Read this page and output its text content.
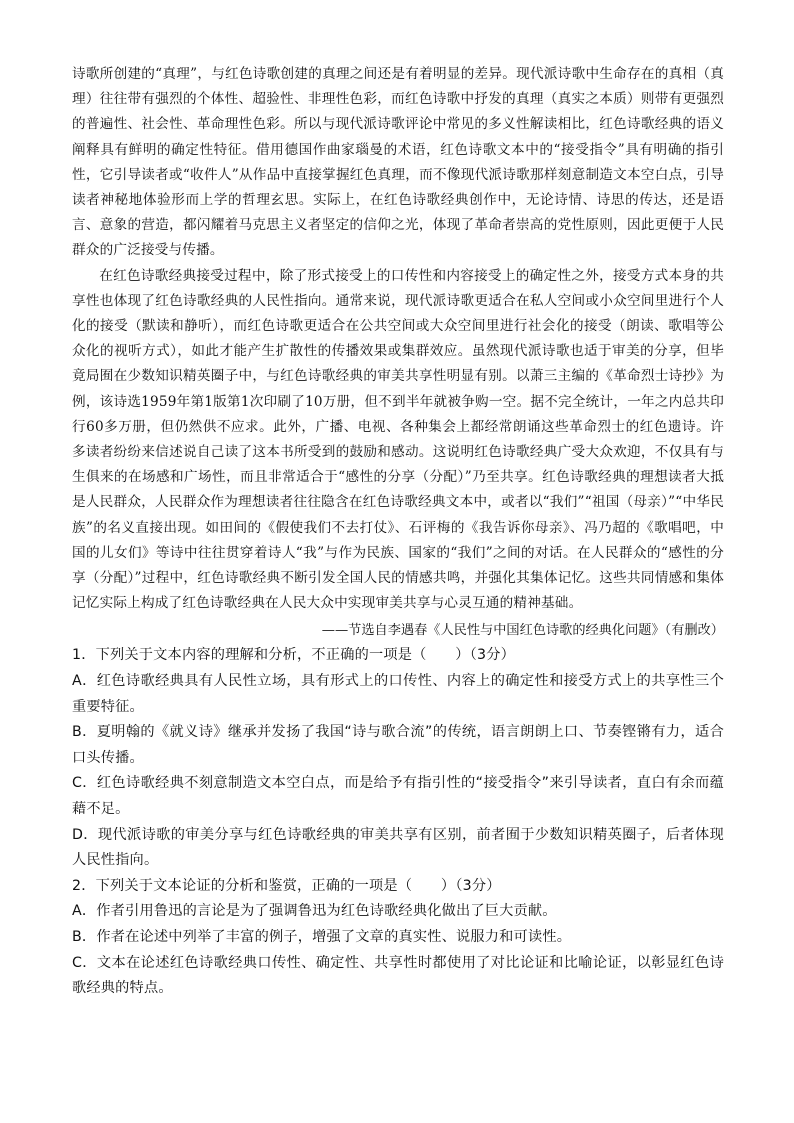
诗歌所创建的“真理”，与红色诗歌创建的真理之间还是有着明显的差异。现代派诗歌中生命存在的真相（真理）往往带有强烈的个体性、超验性、非理性色彩，而红色诗歌中抒发的真理（真实之本质）则带有更强烈的普遍性、社会性、革命理性色彩。所以与现代派诗歌评论中常见的多义性解读相比，红色诗歌经典的语义阐释具有鲜明的确定性特征。借用德国作曲家瑙曼的术语，红色诗歌文本中的“接受指令”具有明确的指引性，它引导读者或“收件人”从作品中直接掌握红色真理，而不像现代派诗歌那样刻意制造文本空白点，引导读者神秘地体验形而上学的哲理玄思。实际上，在红色诗歌经典创作中，无论诗情、诗思的传达，还是语言、意象的营造，都闪耀着马克思主义者坚定的信仰之光，体现了革命者崇高的党性原则，因此更便于人民群众的广泛接受与传播。

在红色诗歌经典接受过程中，除了形式接受上的口传性和内容接受上的确定性之外，接受方式本身的共享性也体现了红色诗歌经典的人民性指向。通常来说，现代派诗歌更适合在私人空间或小众空间里进行个人化的接受（默读和静听），而红色诗歌更适合在公共空间或大众空间里进行社会化的接受（朗读、歌唱等公众化的视听方式），如此才能产生扩散性的传播效果或集群效应。虽然现代派诗歌也适于审美的分享，但毕竟局囿在少数知识精英圈子中，与红色诗歌经典的审美共享性明显有别。以萧三主编的《革命烈士诗抄》为例，该诗选1959年第1版第1次印刷了10万册，但不到半年就被争购一空。据不完全统计，一年之内总共印行60多万册，但仍然供不应求。此外，广播、电视、各种集会上都经常朗诵这些革命烈士的红色遗诗。许多读者纷纷来信述说自己读了这本书所受到的鼓励和感动。这说明红色诗歌经典广受大众欢迎，不仅具有与生俱来的在场感和广场性，而且非常适合于“感性的分享（分配）”乃至共享。红色诗歌经典的理想读者大抵是人民群众，人民群众作为理想读者往往隐含在红色诗歌经典文本中，或者以“我们”“祖国（母亲）”“中华民族”的名义直接出现。如田间的《假使我们不去打仗》、石评梅的《我告诉你母亲》、冯乃超的《歌唱吧，中国的儿女们》等诗中往往贯穿着诗人“我”与作为民族、国家的“我们”之间的对话。在人民群众的“感性的分享（分配）”过程中，红色诗歌经典不断引发全国人民的情感共鸣，并强化其集体记忆。这些共同情感和集体记忆实际上构成了红色诗歌经典在人民大众中实现审美共享与心灵互通的精神基础。

——节选自李遇春《人民性与中国红色诗歌的经典化问题》（有删改）

1．下列关于文本内容的理解和分析，不正确的一项是（　　）（3分）

A．红色诗歌经典具有人民性立场，具有形式上的口传性、内容上的确定性和接受方式上的共享性三个重要特征。

B．夏明翰的《就义诗》继承并发扬了我国“诗与歌合流”的传统，语言朗朗上口、节奏铿锵有力，适合口头传播。

C．红色诗歌经典不刻意制造文本空白点，而是给予有指引性的“接受指令”来引导读者，直白有余而蕴藉不足。

D．现代派诗歌的审美分享与红色诗歌经典的审美共享有区别，前者囿于少数知识精英圈子，后者体现人民性指向。

2．下列关于文本论证的分析和鉴赏，正确的一项是（　　）（3分）

A．作者引用鲁迅的言论是为了强调鲁迅为红色诗歌经典化做出了巨大贡献。

B．作者在论述中列举了丰富的例子，增强了文章的真实性、说服力和可读性。

C．文本在论述红色诗歌经典口传性、确定性、共享性时都使用了对比论证和比喻论证，以彰显红色诗歌经典的特点。
